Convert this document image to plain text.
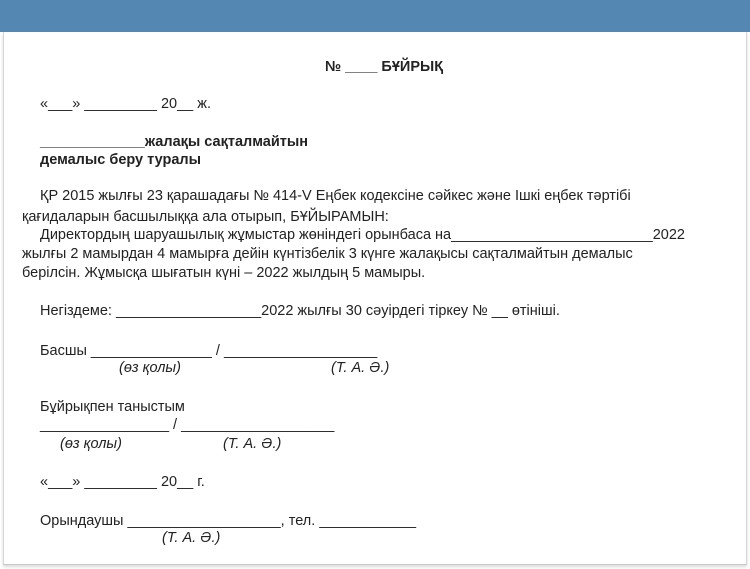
№ ____ БҰЙРЫҚ
«___» _________ 20__ ж.
_____________жалақы сақталмайтын
демалыс беру туралы
ҚР 2015 жылғы 23 қарашадағы № 414-V Еңбек кодексіне сәйкес және Ішкі еңбек тәртібі
қағидаларын басшылыққа ала отырып, БҰЙЫРАМЫН:
Директордың шаруашылық жұмыстар жөніндегі орынбаса на_________________________2022
жылғы 2 мамырдан 4 мамырға дейін күнтізбелік 3 күнге жалақысы сақталмайтын демалыс
берілсін. Жұмысқа шығатын күні – 2022 жылдың 5 мамыры.
Негіздеме: __________________2022 жылғы 30 сәуірдегі тіркеу № __ өтініші.
Басшы _______________ / ___________________
(өз қолы)	(Т. А. Ә.)
Бұйрықпен таныстым
________________ / ___________________
(өз қолы)	(Т. А. Ә.)
«___» _________ 20__ г.
Орындаушы ___________________, тел. ____________
(Т. А. Ә.)
